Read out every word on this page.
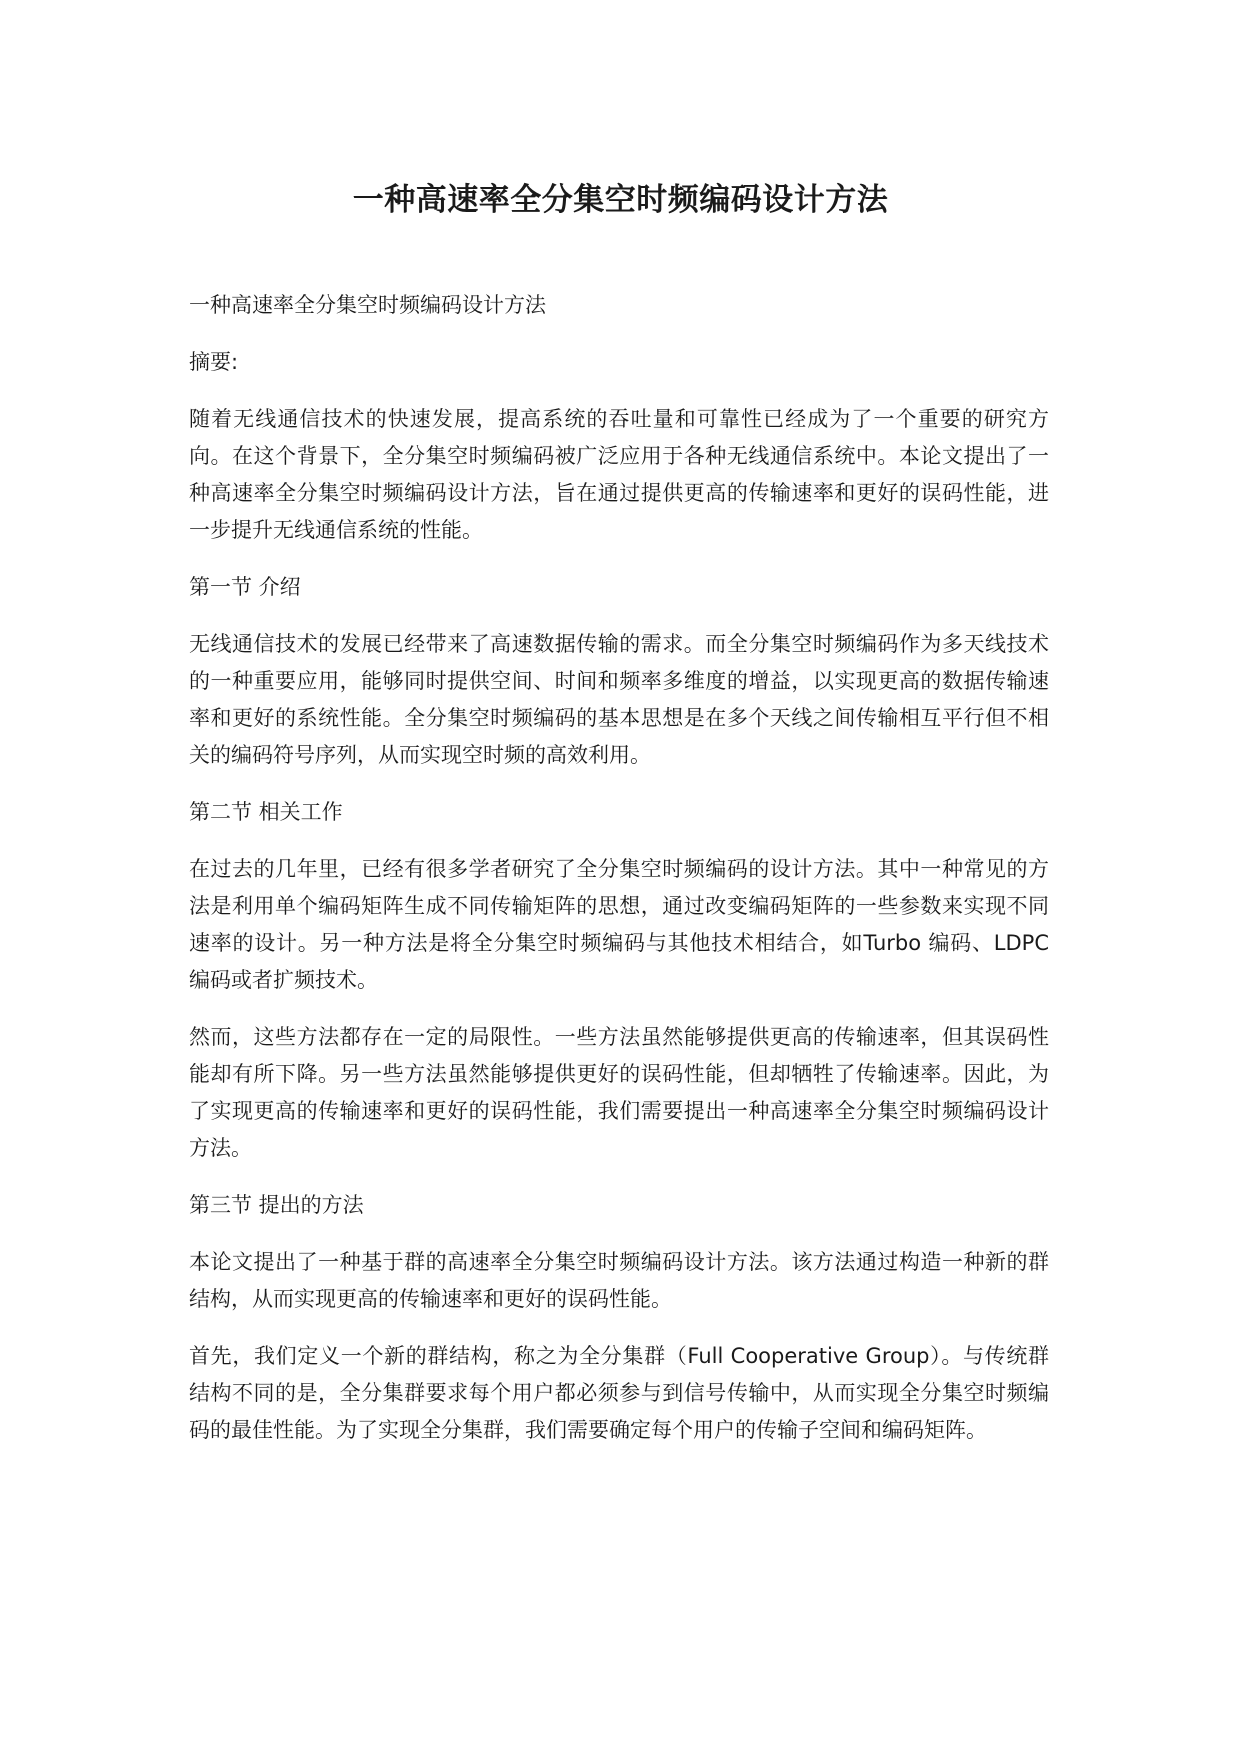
一种高速率全分集空时频编码设计方法

一种高速率全分集空时频编码设计方法

摘要:

随着无线通信技术的快速发展，提高系统的吞吐量和可靠性已经成为了一个重要的研究方向。在这个背景下，全分集空时频编码被广泛应用于各种无线通信系统中。本论文提出了一种高速率全分集空时频编码设计方法，旨在通过提供更高的传输速率和更好的误码性能，进一步提升无线通信系统的性能。

第一节 介绍

无线通信技术的发展已经带来了高速数据传输的需求。而全分集空时频编码作为多天线技术的一种重要应用，能够同时提供空间、时间和频率多维度的增益，以实现更高的数据传输速率和更好的系统性能。全分集空时频编码的基本思想是在多个天线之间传输相互平行但不相关的编码符号序列，从而实现空时频的高效利用。

第二节 相关工作

在过去的几年里，已经有很多学者研究了全分集空时频编码的设计方法。其中一种常见的方法是利用单个编码矩阵生成不同传输矩阵的思想，通过改变编码矩阵的一些参数来实现不同速率的设计。另一种方法是将全分集空时频编码与其他技术相结合，如Turbo 编码、LDPC 编码或者扩频技术。

然而，这些方法都存在一定的局限性。一些方法虽然能够提供更高的传输速率，但其误码性能却有所下降。另一些方法虽然能够提供更好的误码性能，但却牺牲了传输速率。因此，为了实现更高的传输速率和更好的误码性能，我们需要提出一种高速率全分集空时频编码设计方法。

第三节 提出的方法

本论文提出了一种基于群的高速率全分集空时频编码设计方法。该方法通过构造一种新的群结构，从而实现更高的传输速率和更好的误码性能。

首先，我们定义一个新的群结构，称之为全分集群（Full Cooperative Group）。与传统群结构不同的是，全分集群要求每个用户都必须参与到信号传输中，从而实现全分集空时频编码的最佳性能。为了实现全分集群，我们需要确定每个用户的传输子空间和编码矩阵。
